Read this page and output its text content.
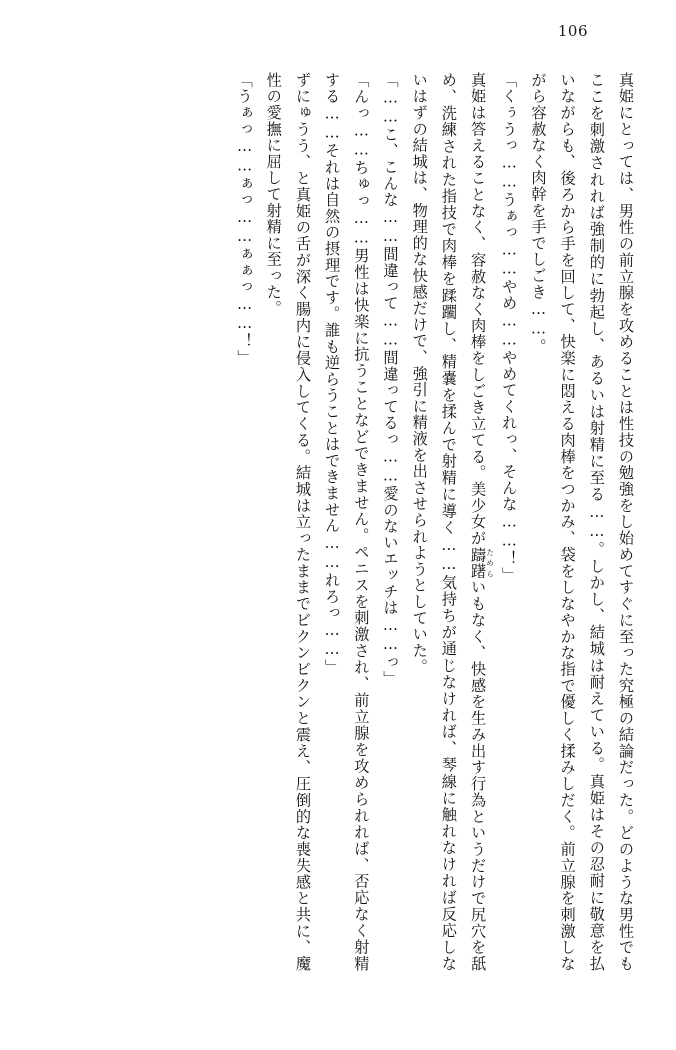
106

真姫にとっては、男性の前立腺を攻めることは性技の勉強をし始めてすぐに至った究極の結論だった。どのような男性でもここを刺激されれば強制的に勃起し、あるいは射精に至る……。しかし、結城は耐えている。真姫はその忍耐に敬意を払いながらも、後ろから手を回して、快楽に悶える肉棒をつかみ、袋をしなやかな指で優しく揉みしだく。前立腺を刺激しながら容赦なく肉幹を手でしごき……。

「くぅうっ……うぁっ……やめ……やめてくれっ、そんな……！」

真姫は答えることなく、容赦なく肉棒をしごき立てる。美少女が躊躇ためらいもなく、快感を生み出す行為というだけで尻穴を舐め、洗練された指技で肉棒を蹂躙し、精嚢を揉んで射精に導く……気持ちが通じなければ、琴線に触れなければ反応しないはずの結城は、物理的な快感だけで、強引に精液を出させられようとしていた。

「……こ、こんな……間違って……間違ってるっ……愛のないエッチは……っ」

「んっ……ちゅっ……男性は快楽に抗うことなどできません。ペニスを刺激され、前立腺を攻められれば、否応なく射精する……それは自然の摂理です。誰も逆らうことはできません……れろっ……」

ずにゅうう、と真姫の舌が深く腸内に侵入してくる。結城は立ったままでビクンビクンと震え、圧倒的な喪失感と共に、魔性の愛撫に屈して射精に至った。

「うぁっ……ぁっ……ぁぁっ……！」
